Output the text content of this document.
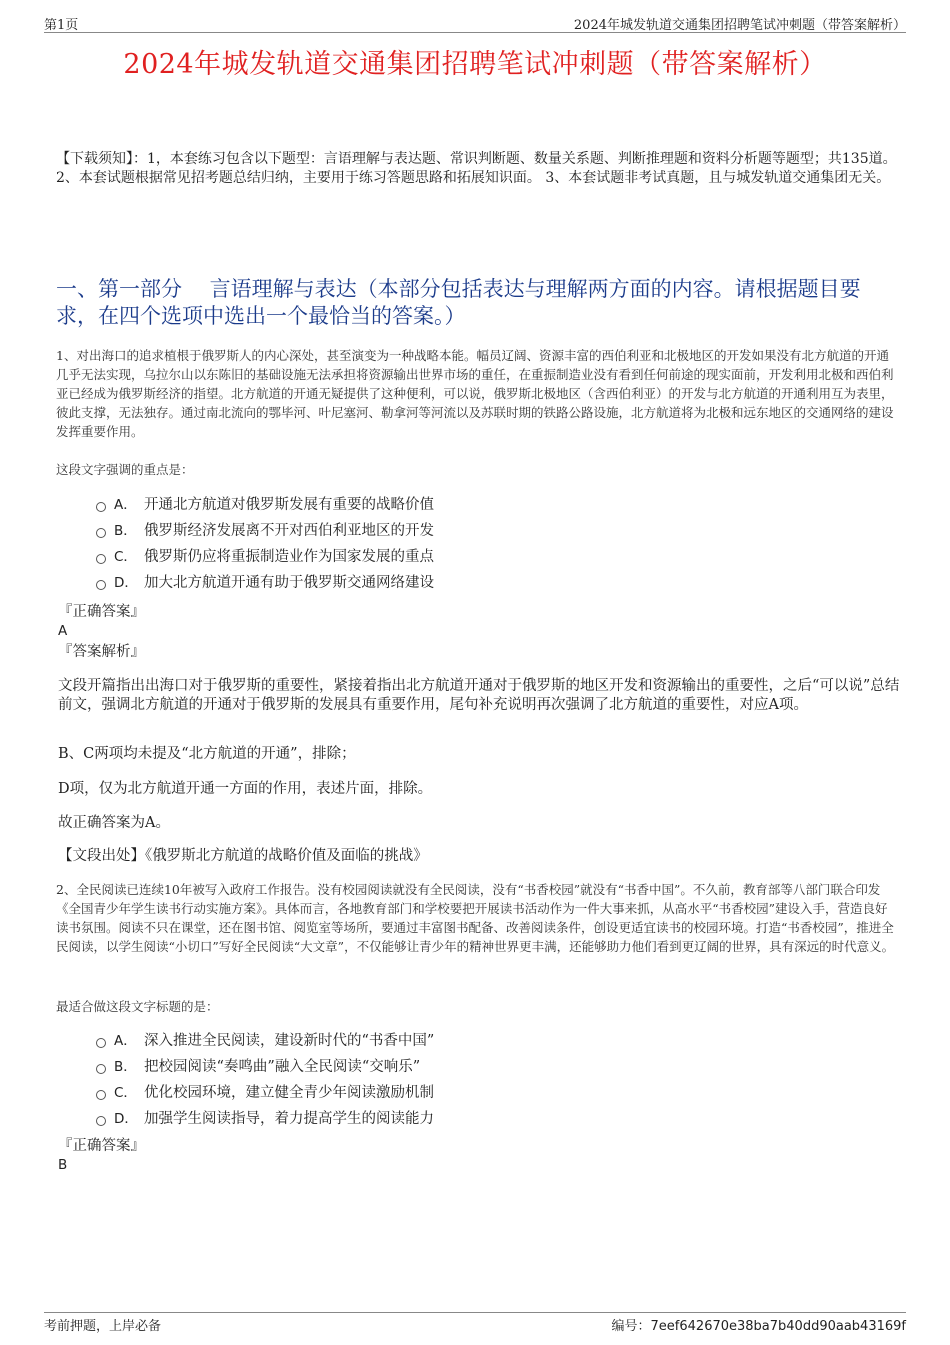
第1页	2024年城发轨道交通集团招聘笔试冲刺题（带答案解析）
2024年城发轨道交通集团招聘笔试冲刺题（带答案解析）
【下载须知】：1，本套练习包含以下题型：言语理解与表达题、常识判断题、数量关系题、判断推理题和资料分析题等题型；共135道。 2、本套试题根据常见招考题总结归纳，主要用于练习答题思路和拓展知识面。 3、本套试题非考试真题，且与城发轨道交通集团无关。
一、第一部分　 言语理解与表达（本部分包括表达与理解两方面的内容。请根据题目要求，在四个选项中选出一个最恰当的答案。）
1、对出海口的追求植根于俄罗斯人的内心深处，甚至演变为一种战略本能。幅员辽阔、资源丰富的西伯利亚和北极地区的开发如果没有北方航道的开通几乎无法实现，乌拉尔山以东陈旧的基础设施无法承担将资源输出世界市场的重任，在重振制造业没有看到任何前途的现实面前，开发利用北极和西伯利亚已经成为俄罗斯经济的指望。北方航道的开通无疑提供了这种便利，可以说，俄罗斯北极地区（含西伯利亚）的开发与北方航道的开通利用互为表里，彼此支撑，无法独存。通过南北流向的鄂毕河、叶尼塞河、勒拿河等河流以及苏联时期的铁路公路设施，北方航道将为北极和远东地区的交通网络的建设发挥重要作用。
这段文字强调的重点是：
A． 开通北方航道对俄罗斯发展有重要的战略价值
B． 俄罗斯经济发展离不开对西伯利亚地区的开发
C． 俄罗斯仍应将重振制造业作为国家发展的重点
D． 加大北方航道开通有助于俄罗斯交通网络建设
『正确答案』
A
『答案解析』
文段开篇指出出海口对于俄罗斯的重要性，紧接着指出北方航道开通对于俄罗斯的地区开发和资源输出的重要性，之后“可以说”总结前文，强调北方航道的开通对于俄罗斯的发展具有重要作用，尾句补充说明再次强调了北方航道的重要性，对应A项。
B、C两项均未提及“北方航道的开通”，排除；
D项，仅为北方航道开通一方面的作用，表述片面，排除。
故正确答案为A。
【文段出处】《俄罗斯北方航道的战略价值及面临的挑战》
2、全民阅读已连续10年被写入政府工作报告。没有校园阅读就没有全民阅读，没有“书香校园”就没有“书香中国”。不久前，教育部等八部门联合印发《全国青少年学生读书行动实施方案》。具体而言，各地教育部门和学校要把开展读书活动作为一件大事来抓，从高水平“书香校园”建设入手，营造良好读书氛围。阅读不只在课堂，还在图书馆、阅览室等场所，要通过丰富图书配备、改善阅读条件，创设更适宜读书的校园环境。打造“书香校园”，推进全民阅读，以学生阅读“小切口”写好全民阅读“大文章”，不仅能够让青少年的精神世界更丰满，还能够助力他们看到更辽阔的世界，具有深远的时代意义。
最适合做这段文字标题的是：
A． 深入推进全民阅读，建设新时代的“书香中国”
B． 把校园阅读“奏鸣曲”融入全民阅读“交响乐”
C． 优化校园环境，建立健全青少年阅读激励机制
D． 加强学生阅读指导，着力提高学生的阅读能力
『正确答案』
B
考前押题，上岸必备	编号：7eef642670e38ba7b40dd90aab43169f
